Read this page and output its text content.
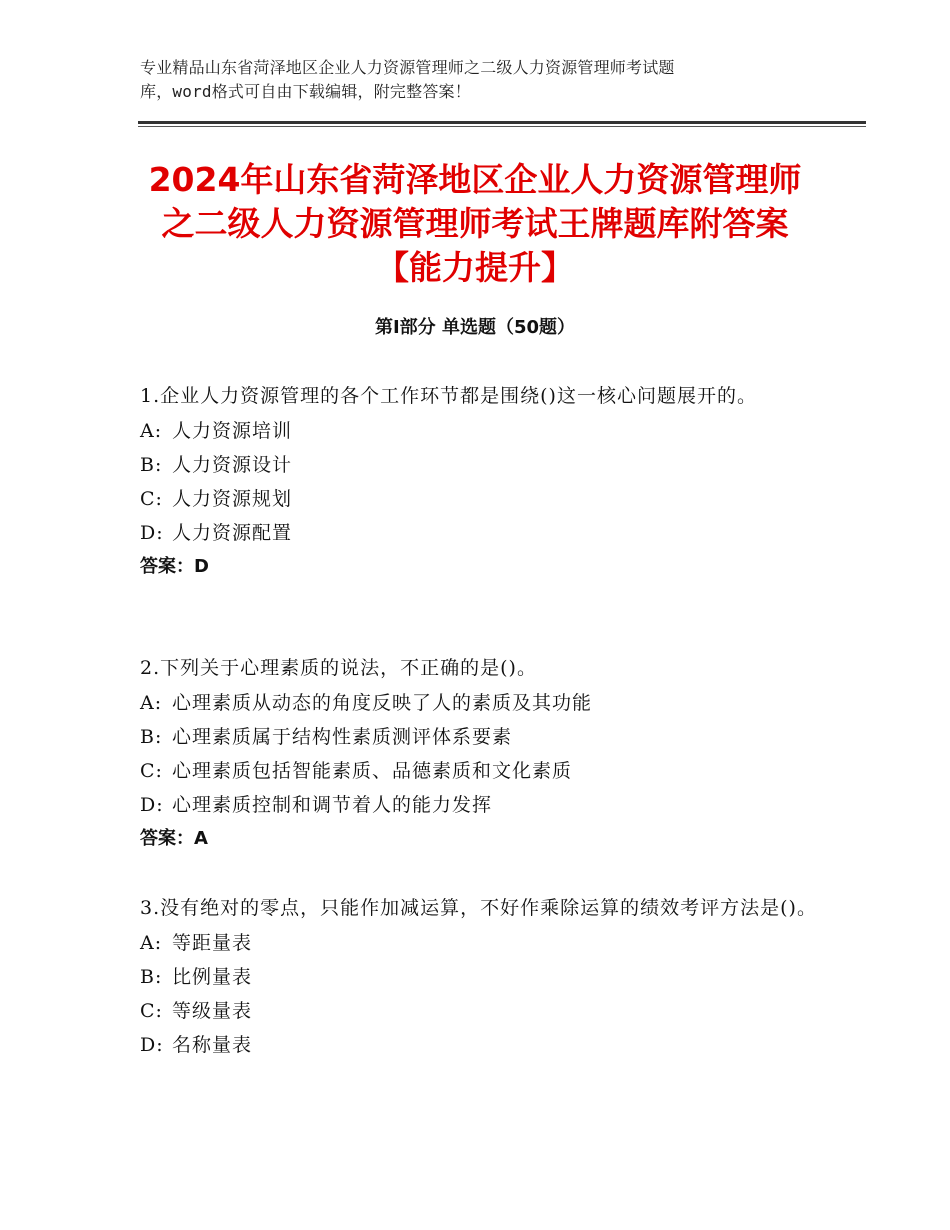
专业精品山东省菏泽地区企业人力资源管理师之二级人力资源管理师考试题
库，word格式可自由下载编辑，附完整答案！
2024年山东省菏泽地区企业人力资源管理师
之二级人力资源管理师考试王牌题库附答案
【能力提升】
第Ⅰ部分 单选题（50题）

1.企业人力资源管理的各个工作环节都是围绕()这一核心问题展开的。

A: 人力资源培训

B: 人力资源设计

C: 人力资源规划

D: 人力资源配置

答案：D

2.下列关于心理素质的说法，不正确的是()。

A: 心理素质从动态的角度反映了人的素质及其功能

B: 心理素质属于结构性素质测评体系要素

C: 心理素质包括智能素质、品德素质和文化素质

D: 心理素质控制和调节着人的能力发挥

答案：A

3.没有绝对的零点，只能作加减运算，不好作乘除运算的绩效考评方法是()。

A: 等距量表

B: 比例量表

C: 等级量表

D: 名称量表
